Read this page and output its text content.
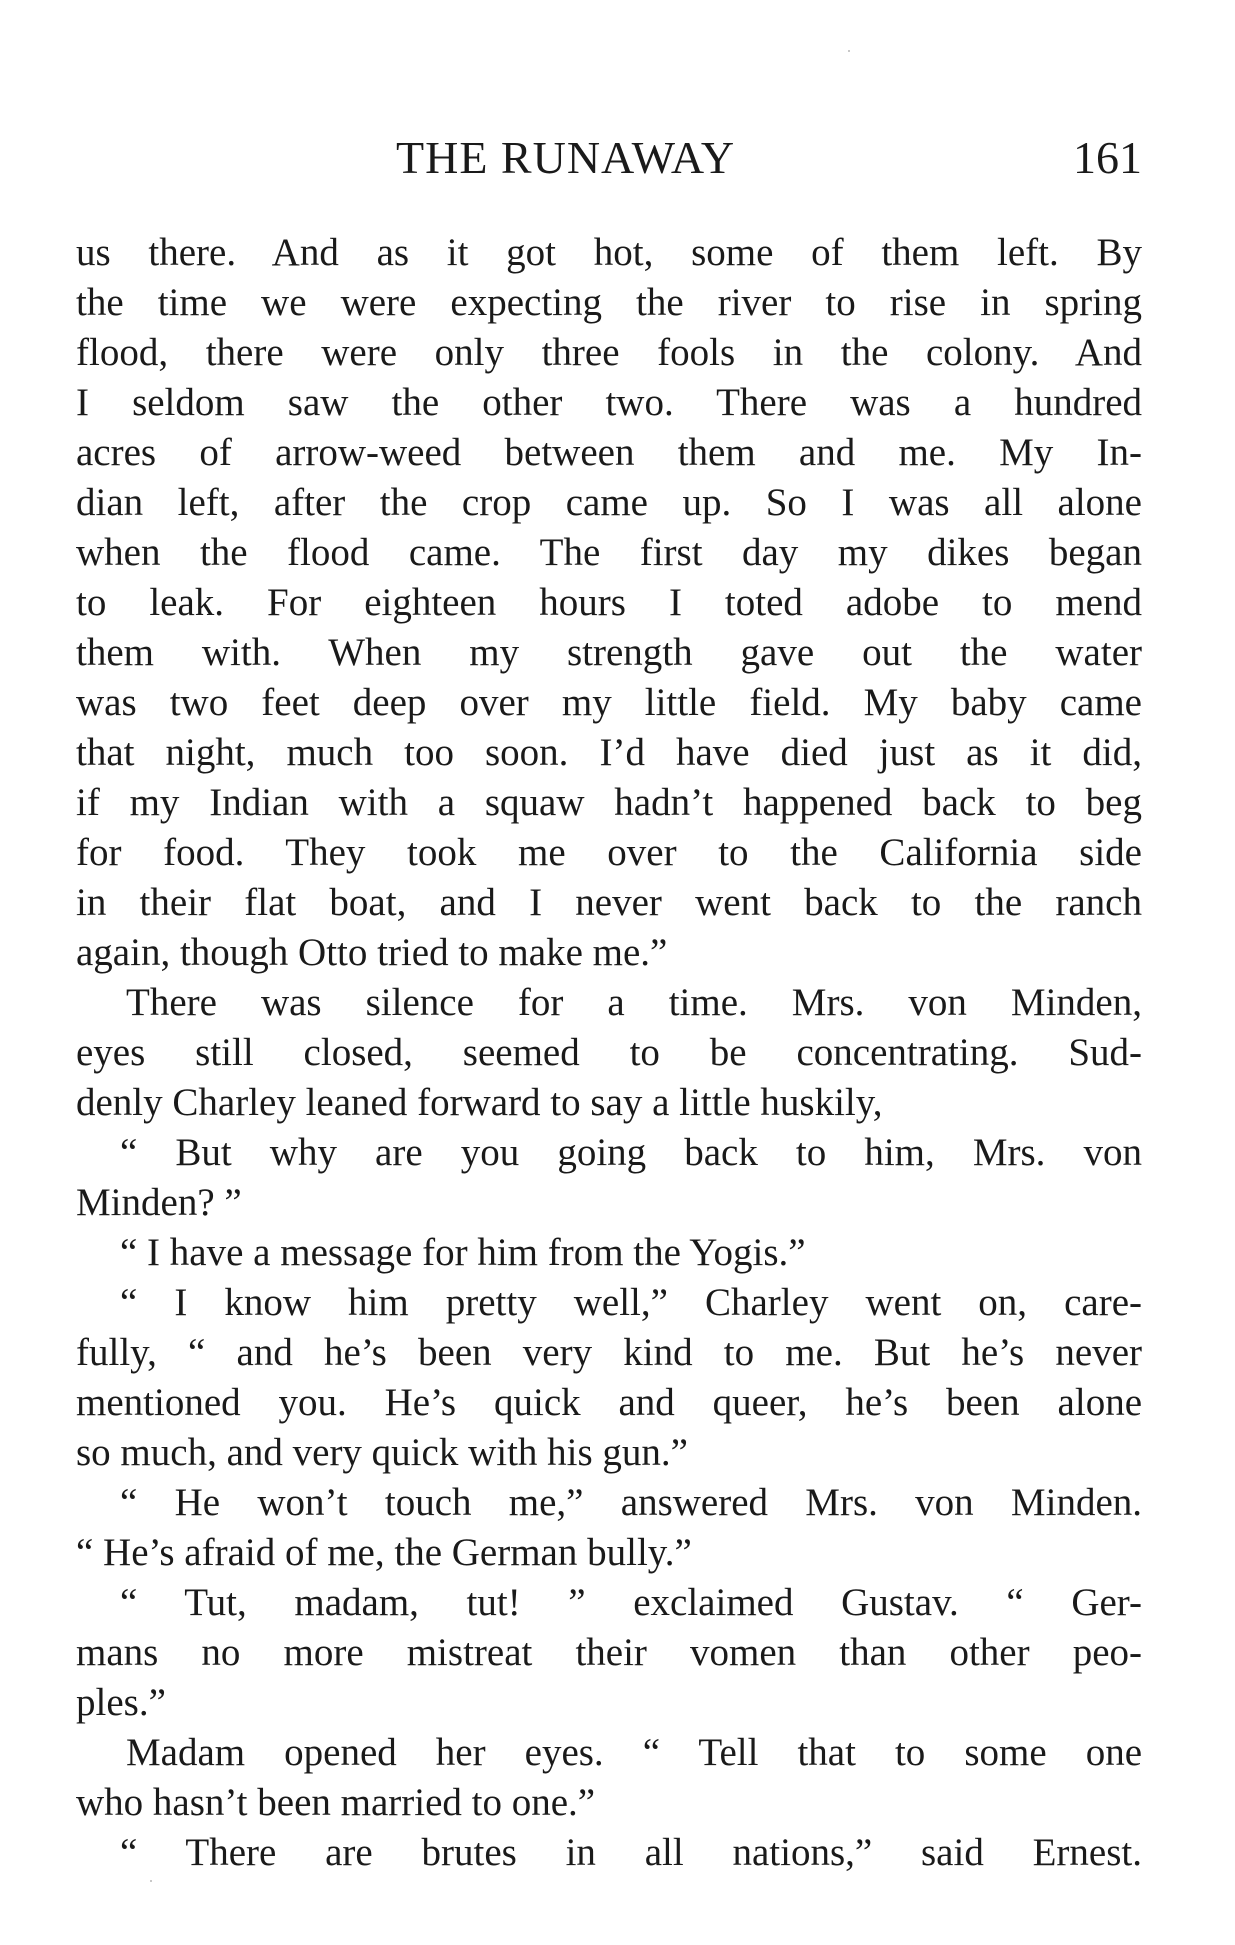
THE RUNAWAY	161
us there. And as it got hot, some of them left. By
the time we were expecting the river to rise in spring
flood, there were only three fools in the colony. And
I seldom saw the other two. There was a hundred
acres of arrow-weed between them and me. My In-
dian left, after the crop came up. So I was all alone
when the flood came. The first day my dikes began
to leak. For eighteen hours I toted adobe to mend
them with. When my strength gave out the water
was two feet deep over my little field. My baby came
that night, much too soon. I’d have died just as it did,
if my Indian with a squaw hadn’t happened back to beg
for food. They took me over to the California side
in their flat boat, and I never went back to the ranch
again, though Otto tried to make me.”
There was silence for a time. Mrs. von Minden,
eyes still closed, seemed to be concentrating. Sud-
denly Charley leaned forward to say a little huskily,
“ But why are you going back to him, Mrs. von
Minden? ”
“ I have a message for him from the Yogis.”
“ I know him pretty well,” Charley went on, care-
fully, “ and he’s been very kind to me. But he’s never
mentioned you. He’s quick and queer, he’s been alone
so much, and very quick with his gun.”
“ He won’t touch me,” answered Mrs. von Minden.
“ He’s afraid of me, the German bully.”
“ Tut, madam, tut! ” exclaimed Gustav. “ Ger-
mans no more mistreat their vomen than other peo-
ples.”
Madam opened her eyes. “ Tell that to some one
who hasn’t been married to one.”
“ There are brutes in all nations,” said Ernest.
